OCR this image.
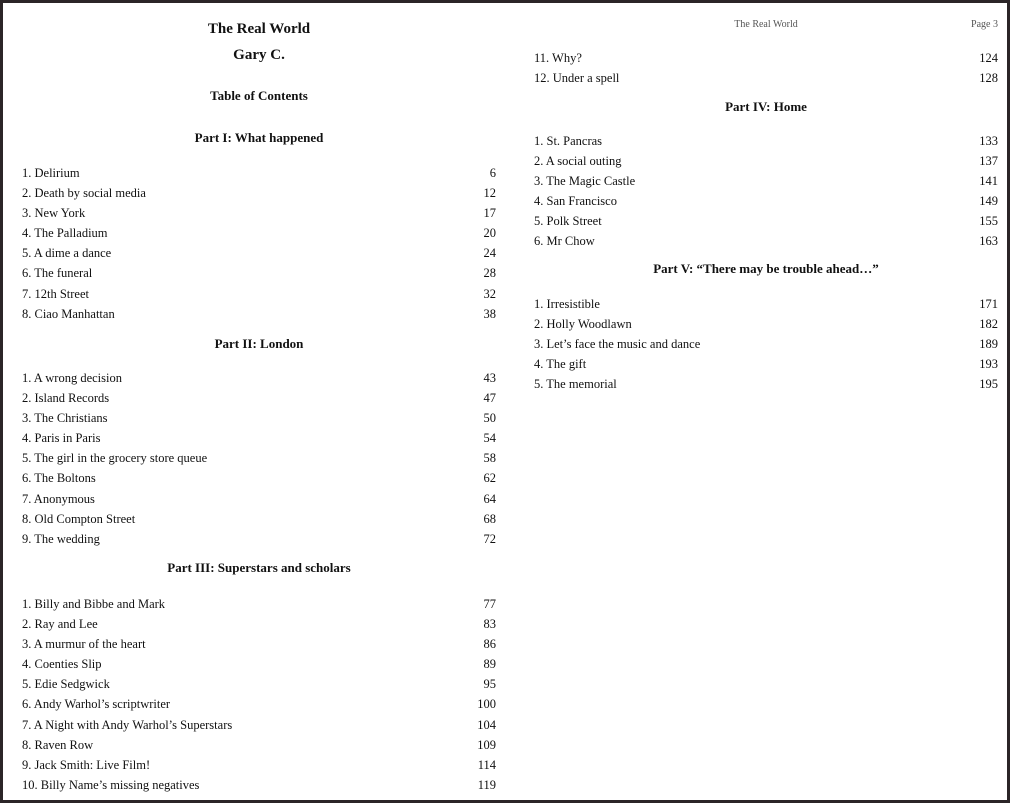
The Real World
Gary C.
Table of Contents
Part I: What happened
1. Delirium	6
2. Death by social media	12
3. New York	17
4. The Palladium	20
5. A dime a dance	24
6. The funeral	28
7. 12th Street	32
8. Ciao Manhattan	38
Part II: London
1. A wrong decision	43
2. Island Records	47
3. The Christians	50
4. Paris in Paris	54
5. The girl in the grocery store queue	58
6. The Boltons	62
7. Anonymous	64
8. Old Compton Street	68
9. The wedding	72
Part III: Superstars and scholars
1. Billy and Bibbe and Mark	77
2. Ray and Lee	83
3. A murmur of the heart	86
4. Coenties Slip	89
5. Edie Sedgwick	95
6. Andy Warhol’s scriptwriter	100
7. A Night with Andy Warhol’s Superstars	104
8. Raven Row	109
9. Jack Smith: Live Film!	114
10. Billy Name’s missing negatives	119
The Real World	Page 3
11. Why?	124
12. Under a spell	128
Part IV: Home
1. St. Pancras	133
2. A social outing	137
3. The Magic Castle	141
4. San Francisco	149
5. Polk Street	155
6. Mr Chow	163
Part V: “There may be trouble ahead…”
1. Irresistible	171
2. Holly Woodlawn	182
3. Let’s face the music and dance	189
4. The gift	193
5. The memorial	195
